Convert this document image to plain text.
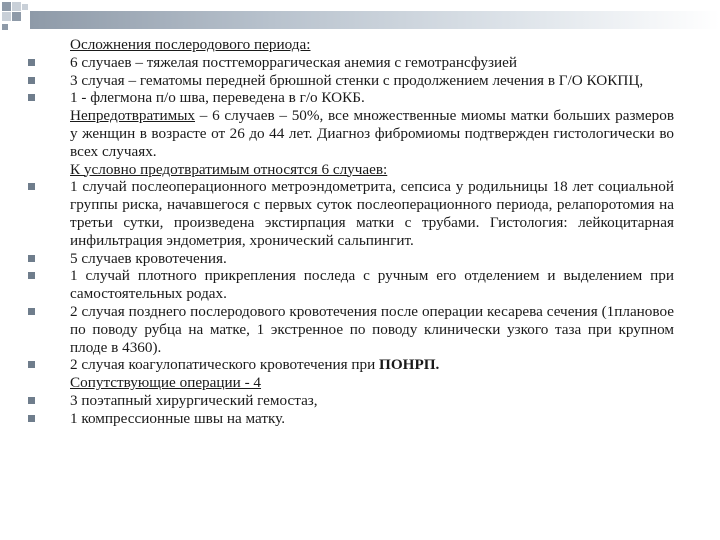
Осложнения послеродового периода:
6 случаев – тяжелая постгеморрагическая анемия с гемотрансфузией
3 случая – гематомы передней брюшной стенки с продолжением лечения в Г/О КОКПЦ,
1 - флегмона п/о шва, переведена в г/о КОКБ.
Непредотвратимых – 6 случаев – 50%, все множественные миомы матки больших размеров у женщин в возрасте от 26 до 44 лет. Диагноз фибромиомы подтвержден гистологически во всех случаях.
К условно предотвратимым относятся 6 случаев:
1 случай послеоперационного метроэндометрита, сепсиса у родильницы 18 лет социальной группы риска, начавшегося с первых суток послеоперационного периода, релапоротомия на третьи сутки, произведена экстирпация матки с трубами. Гистология: лейкоцитарная инфильтрация эндометрия, хронический сальпингит.
5 случаев кровотечения.
1 случай плотного прикрепления последа с ручным его отделением и выделением при самостоятельных родах.
2 случая позднего послеродового кровотечения после операции кесарева сечения (1плановое по поводу рубца на матке, 1 экстренное по поводу клинически узкого таза при крупном плоде в 4360).
2 случая коагулопатического кровотечения при ПОНРП.
Сопутствующие операции - 4
3 поэтапный хирургический гемостаз,
1 компрессионные швы на матку.
